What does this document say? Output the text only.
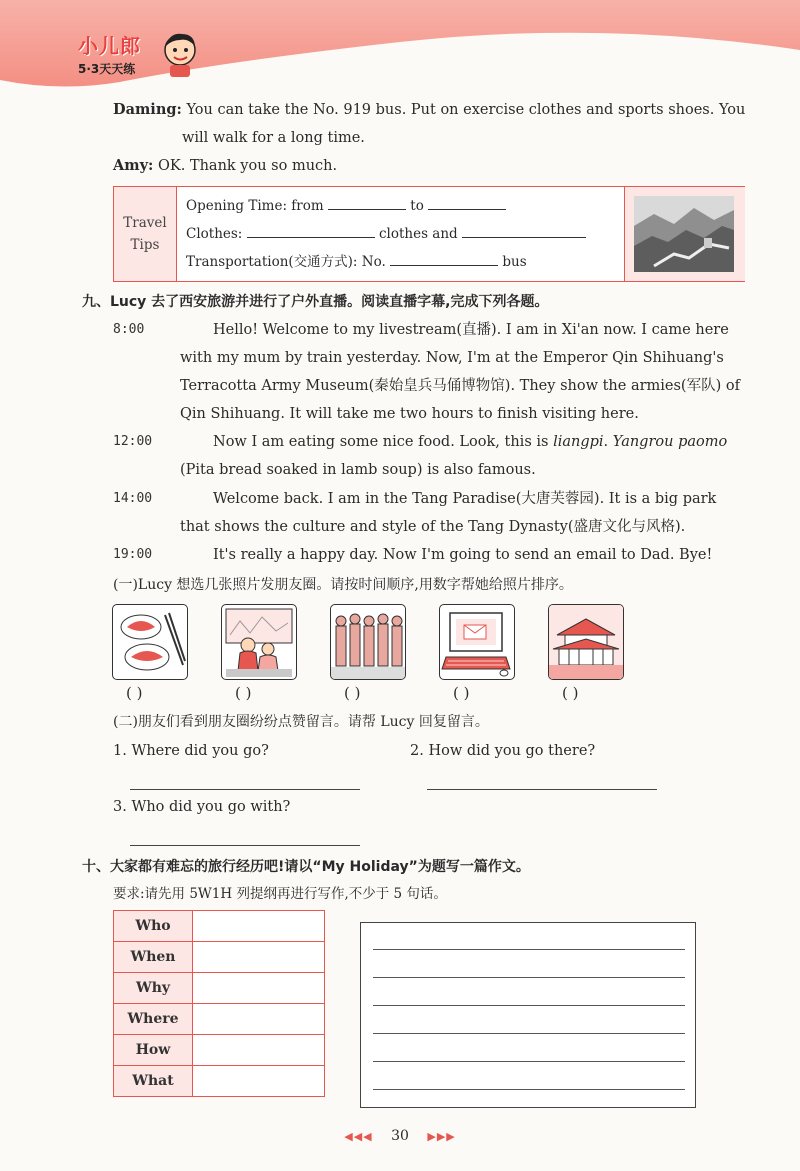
小儿郎
5·3天天练
Daming: You can take the No. 919 bus. Put on exercise clothes and sports shoes. You
will walk for a long time.
Amy: OK. Thank you so much.
Travel
Tips
Opening Time: from	to
Clothes:	clothes and
Transportation(交通方式): No.	bus
九、Lucy 去了西安旅游并进行了户外直播。阅读直播字幕,完成下列各题。
8:00	Hello! Welcome to my livestream(直播). I am in Xi'an now. I came here
with my mum by train yesterday. Now, I'm at the Emperor Qin Shihuang's
Terracotta Army Museum(秦始皇兵马俑博物馆). They show the armies(军队) of
Qin Shihuang. It will take me two hours to finish visiting here.
12:00	Now I am eating some nice food. Look, this is liangpi. Yangrou paomo
(Pita bread soaked in lamb soup) is also famous.
14:00	Welcome back. I am in the Tang Paradise(大唐芙蓉园). It is a big park
that shows the culture and style of the Tang Dynasty(盛唐文化与风格).
19:00	It's really a happy day. Now I'm going to send an email to Dad. Bye!
(一)Lucy 想选几张照片发朋友圈。请按时间顺序,用数字帮她给照片排序。
( )	( )	( )	( )	( )
(二)朋友们看到朋友圈纷纷点赞留言。请帮 Lucy 回复留言。
1. Where did you go?	2. How did you go there?
3. Who did you go with?
十、大家都有难忘的旅行经历吧!请以“My Holiday”为题写一篇作文。
要求:请先用 5W1H 列提纲再进行写作,不少于 5 句话。
Who	
When	
Why	
Where	
How	
What	
◀◀◀ 30 ▶▶▶
